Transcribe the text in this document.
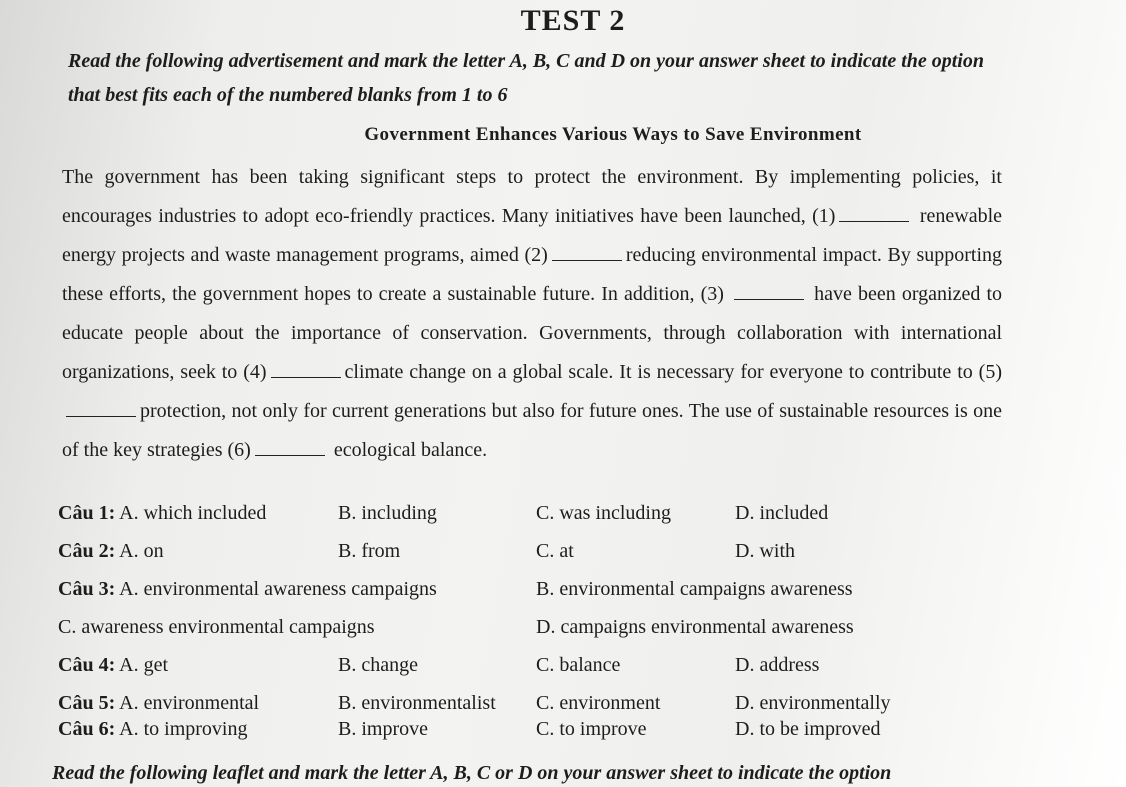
TEST 2
Read the following advertisement and mark the letter A, B, C and D on your answer sheet to indicate the option that best fits each of the numbered blanks from 1 to 6
Government Enhances Various Ways to Save Environment
The government has been taking significant steps to protect the environment. By implementing policies, it encourages industries to adopt eco-friendly practices. Many initiatives have been launched, (1)	renewable energy projects and waste management programs, aimed (2)	reducing environmental impact. By supporting these efforts, the government hopes to create a sustainable future. In addition, (3)	have been organized to educate people about the importance of conservation. Governments, through collaboration with international organizations, seek to (4)	climate change on a global scale. It is necessary for everyone to contribute to (5)protection, not only for current generations but also for future ones. The use of sustainable resources is one of the key strategies (6)	ecological balance.
Câu 1: A. which included	B. including	C. was including	D. included
Câu 2: A. on	B. from	C. at	D. with
Câu 3: A. environmental awareness campaigns	B. environmental campaigns awareness
C. awareness environmental campaigns	D. campaigns environmental awareness
Câu 4: A. get	B. change	C. balance	D. address
Câu 5: A. environmental	B. environmentalist C. environment	D. environmentally
Câu 6: A. to improving	B. improve	C. to improve	D. to be improved
Read the following leaflet and mark the letter A, B, C or D on your answer sheet to indicate the option
